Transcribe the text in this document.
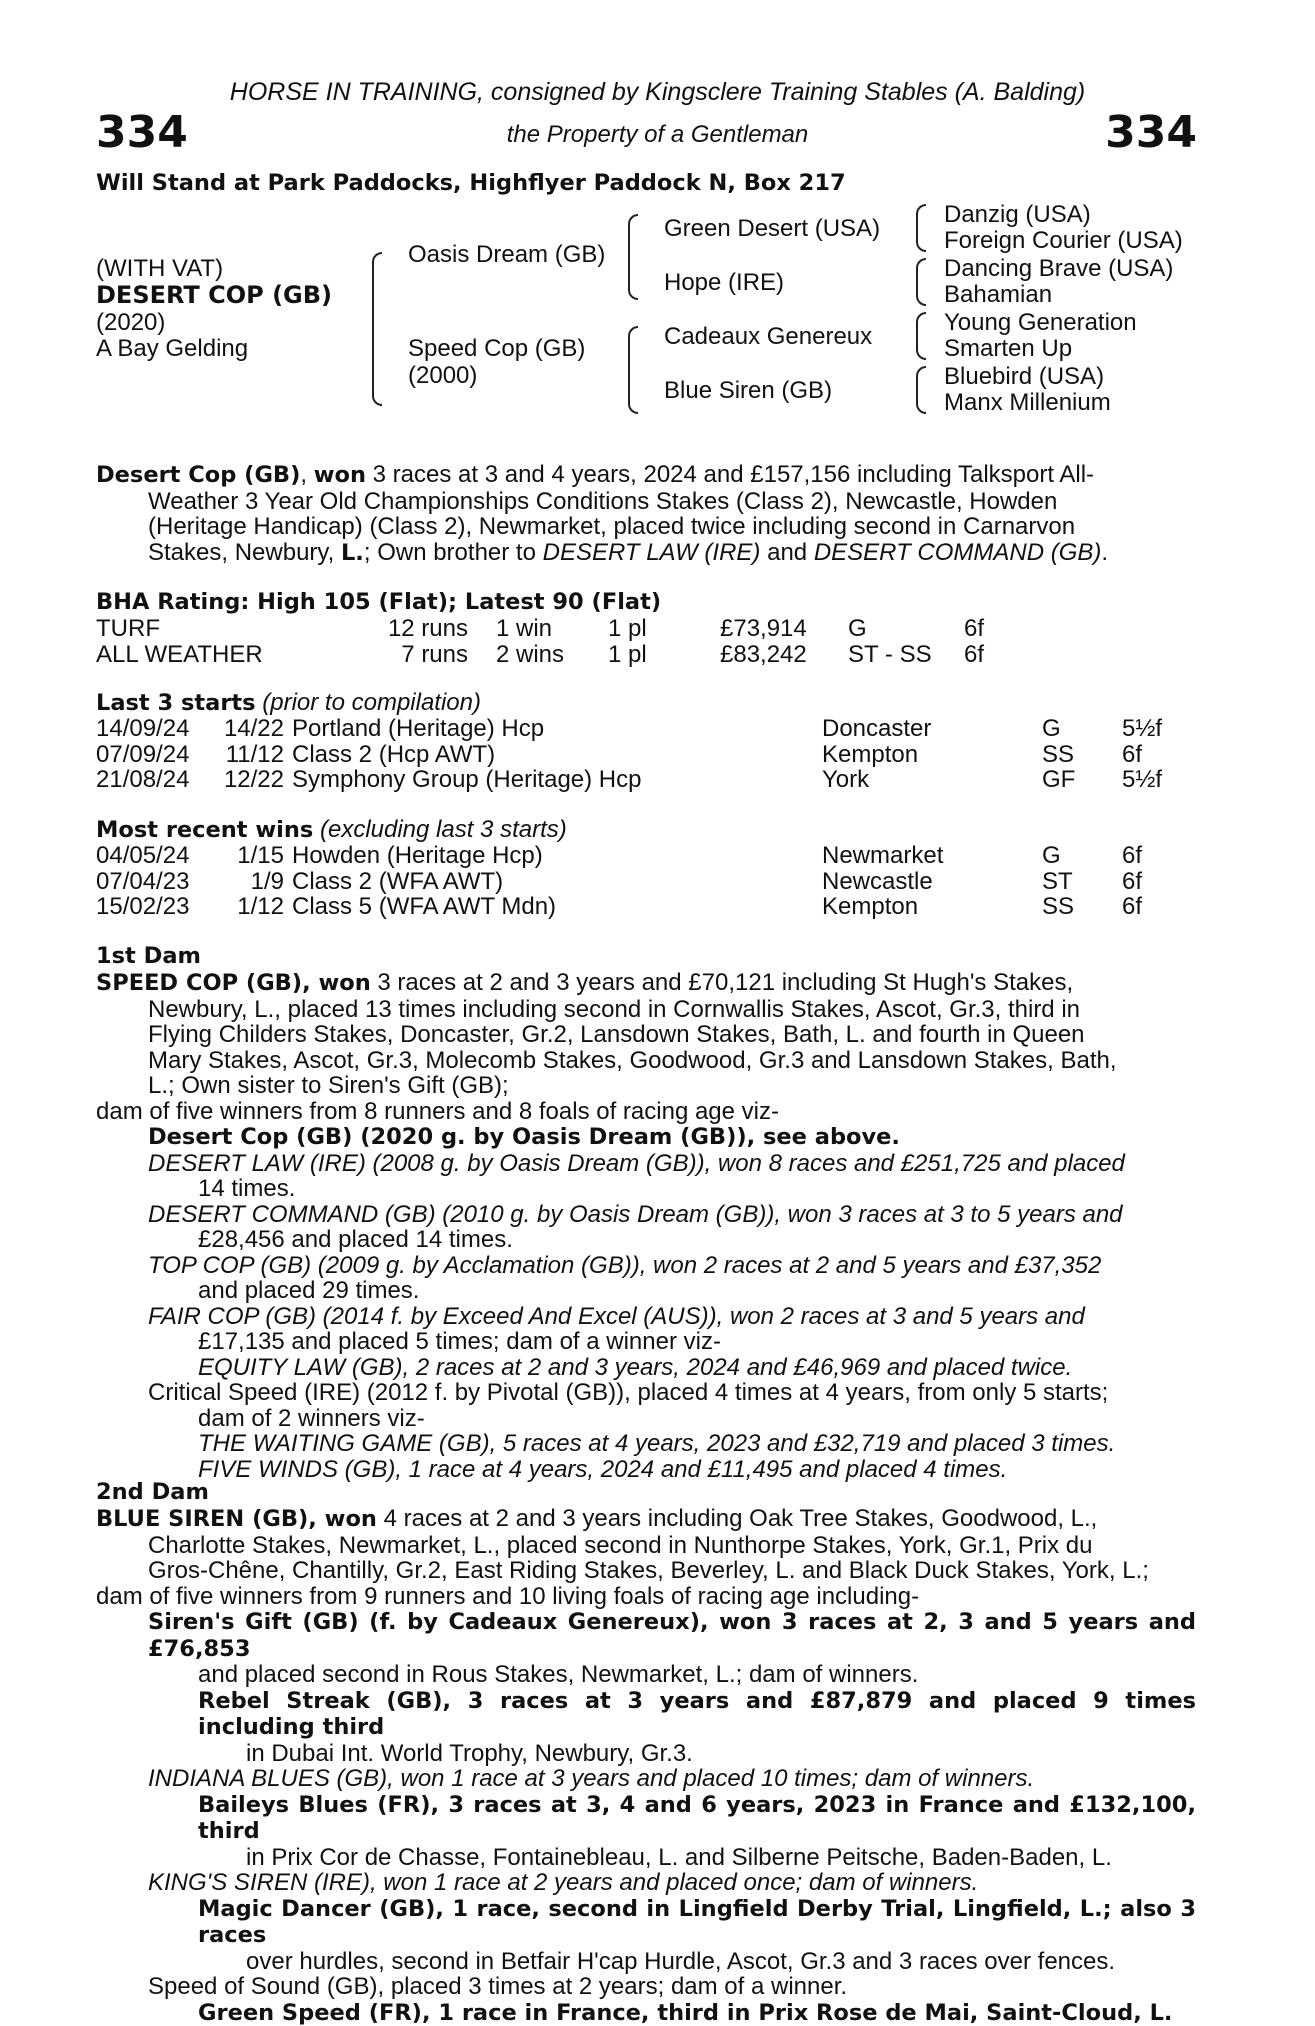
HORSE IN TRAINING, consigned by Kingsclere Training Stables (A. Balding)
334	the Property of a Gentleman	334
Will Stand at Park Paddocks, Highflyer Paddock N, Box 217
(WITH VAT)
DESERT COP (GB)
(2020)
A Bay Gelding
Oasis Dream (GB)
Speed Cop (GB)
(2000)
Green Desert (USA)
Hope (IRE)
Cadeaux Genereux
Blue Siren (GB)
Danzig (USA)
Foreign Courier (USA)
Dancing Brave (USA)
Bahamian
Young Generation
Smarten Up
Bluebird (USA)
Manx Millenium
Desert Cop (GB), won 3 races at 3 and 4 years, 2024 and £157,156 including Talksport All-
Weather 3 Year Old Championships Conditions Stakes (Class 2), Newcastle, Howden
(Heritage Handicap) (Class 2), Newmarket, placed twice including second in Carnarvon
Stakes, Newbury, L.; Own brother to DESERT LAW (IRE) and DESERT COMMAND (GB).
BHA Rating: High 105 (Flat); Latest 90 (Flat)
TURF	12 runs	1 win	1 pl	£73,914	G	6f
ALL WEATHER	7 runs	2 wins	1 pl	£83,242	ST - SS	6f
Last 3 starts (prior to compilation)
14/09/24	14/22	Portland (Heritage) Hcp	Doncaster	G	5½f
07/09/24	11/12	Class 2 (Hcp AWT)	Kempton	SS	6f
21/08/24	12/22	Symphony Group (Heritage) Hcp	York	GF	5½f
Most recent wins (excluding last 3 starts)
04/05/24	1/15	Howden (Heritage Hcp)	Newmarket	G	6f
07/04/23	1/9	Class 2 (WFA AWT)	Newcastle	ST	6f
15/02/23	1/12	Class 5 (WFA AWT Mdn)	Kempton	SS	6f
1st Dam
SPEED COP (GB), won 3 races at 2 and 3 years and £70,121 including St Hugh's Stakes,
Newbury, L., placed 13 times including second in Cornwallis Stakes, Ascot, Gr.3, third in
Flying Childers Stakes, Doncaster, Gr.2, Lansdown Stakes, Bath, L. and fourth in Queen
Mary Stakes, Ascot, Gr.3, Molecomb Stakes, Goodwood, Gr.3 and Lansdown Stakes, Bath,
L.; Own sister to Siren's Gift (GB);
dam of five winners from 8 runners and 8 foals of racing age viz-
Desert Cop (GB) (2020 g. by Oasis Dream (GB)), see above.
DESERT LAW (IRE) (2008 g. by Oasis Dream (GB)), won 8 races and £251,725 and placed
14 times.
DESERT COMMAND (GB) (2010 g. by Oasis Dream (GB)), won 3 races at 3 to 5 years and
£28,456 and placed 14 times.
TOP COP (GB) (2009 g. by Acclamation (GB)), won 2 races at 2 and 5 years and £37,352
and placed 29 times.
FAIR COP (GB) (2014 f. by Exceed And Excel (AUS)), won 2 races at 3 and 5 years and
£17,135 and placed 5 times; dam of a winner viz-
EQUITY LAW (GB), 2 races at 2 and 3 years, 2024 and £46,969 and placed twice.
Critical Speed (IRE) (2012 f. by Pivotal (GB)), placed 4 times at 4 years, from only 5 starts;
dam of 2 winners viz-
THE WAITING GAME (GB), 5 races at 4 years, 2023 and £32,719 and placed 3 times.
FIVE WINDS (GB), 1 race at 4 years, 2024 and £11,495 and placed 4 times.
2nd Dam
BLUE SIREN (GB), won 4 races at 2 and 3 years including Oak Tree Stakes, Goodwood, L.,
Charlotte Stakes, Newmarket, L., placed second in Nunthorpe Stakes, York, Gr.1, Prix du
Gros-Chêne, Chantilly, Gr.2, East Riding Stakes, Beverley, L. and Black Duck Stakes, York, L.;
dam of five winners from 9 runners and 10 living foals of racing age including-
Siren's Gift (GB) (f. by Cadeaux Genereux), won 3 races at 2, 3 and 5 years and £76,853
and placed second in Rous Stakes, Newmarket, L.; dam of winners.
Rebel Streak (GB), 3 races at 3 years and £87,879 and placed 9 times including third
in Dubai Int. World Trophy, Newbury, Gr.3.
INDIANA BLUES (GB), won 1 race at 3 years and placed 10 times; dam of winners.
Baileys Blues (FR), 3 races at 3, 4 and 6 years, 2023 in France and £132,100, third
in Prix Cor de Chasse, Fontainebleau, L. and Silberne Peitsche, Baden-Baden, L.
KING'S SIREN (IRE), won 1 race at 2 years and placed once; dam of winners.
Magic Dancer (GB), 1 race, second in Lingfield Derby Trial, Lingfield, L.; also 3 races
over hurdles, second in Betfair H'cap Hurdle, Ascot, Gr.3 and 3 races over fences.
Speed of Sound (GB), placed 3 times at 2 years; dam of a winner.
Green Speed (FR), 1 race in France, third in Prix Rose de Mai, Saint-Cloud, L.
